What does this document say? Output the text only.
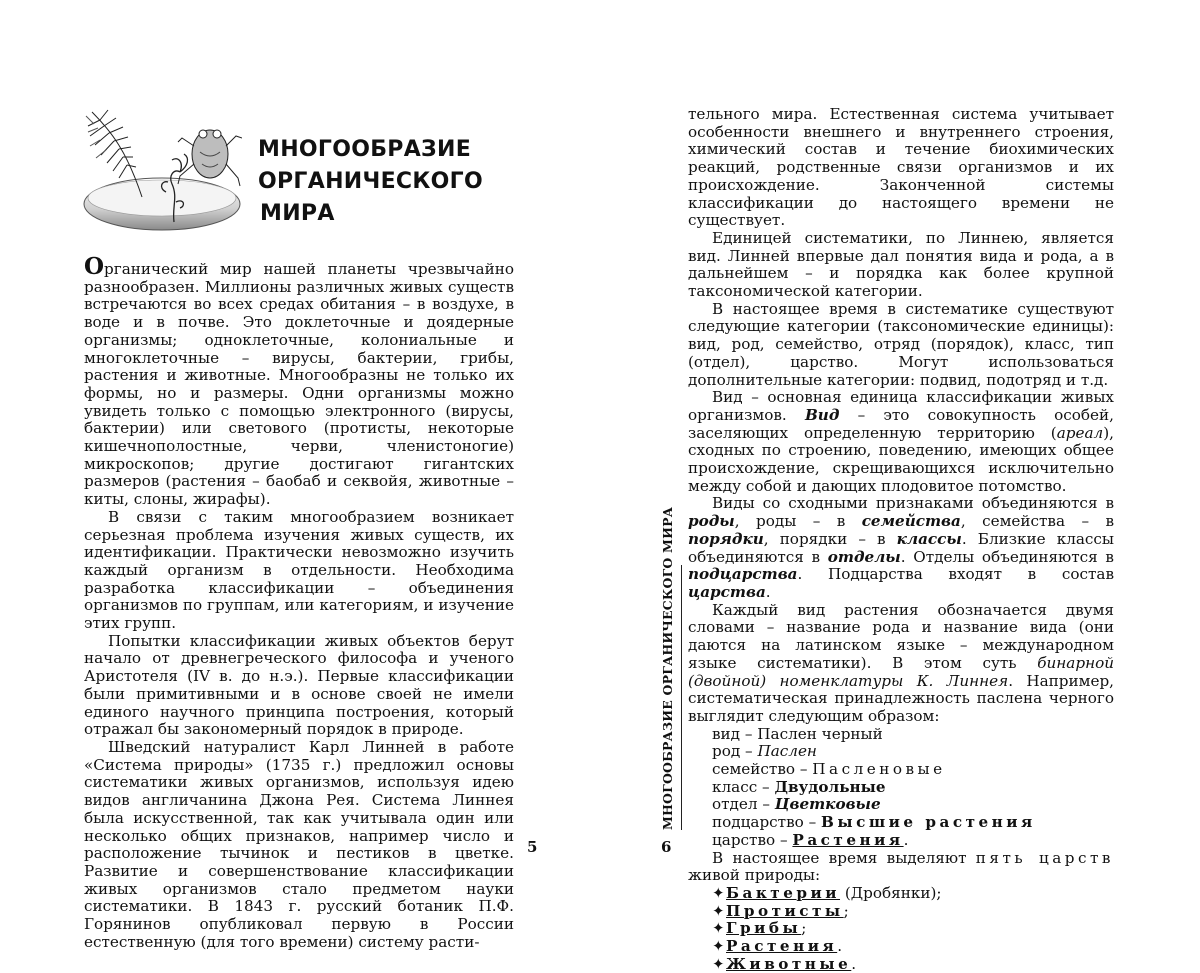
МНОГООБРАЗИЕ
ОРГАНИЧЕСКОГО
МИРА

Органический мир нашей планеты чрезвычайно разнообразен. Миллионы различных живых существ встречаются во всех средах обитания – в воздухе, в воде и в почве. Это доклеточные и доядерные организмы; одноклеточные, колониальные и многоклеточные – вирусы, бактерии, грибы, растения и животные. Многообразны не только их формы, но и размеры. Одни организмы можно увидеть только с помощью электронного (вирусы, бактерии) или светового (протисты, некоторые кишечнополостные, черви, членистоногие) микроскопов; другие достигают гигантских размеров (растения – баобаб и секвойя, животные – киты, слоны, жирафы).

В связи с таким многообразием возникает серьезная проблема изучения живых существ, их идентификации. Практически невозможно изучить каждый организм в отдельности. Необходима разработка классификации – объединения организмов по группам, или категориям, и изучение этих групп.

Попытки классификации живых объектов берут начало от древнегреческого философа и ученого Аристотеля (IV в. до н.э.). Первые классификации были примитивными и в основе своей не имели единого научного принципа построения, который отражал бы закономерный порядок в природе.

Шведский натуралист Карл Линней в работе «Система природы» (1735 г.) предложил основы систематики живых организмов, используя идею видов англичанина Джона Рея. Система Линнея была искусственной, так как учитывала один или несколько общих признаков, например число и расположение тычинок и пестиков в цветке. Развитие и совершенствование классификации живых организмов стало предметом науки систематики. В 1843 г. русский ботаник П.Ф. Горянинов опубликовал первую в России естественную (для того времени) систему расти-

5
МНОГООБРАЗИЕ ОРГАНИЧЕСКОГО МИРА

тельного мира. Естественная система учитывает особенности внешнего и внутреннего строения, химический состав и течение биохимических реакций, родственные связи организмов и их происхождение. Законченной системы классификации до настоящего времени не существует.

Единицей систематики, по Линнею, является вид. Линней впервые дал понятия вида и рода, а в дальнейшем – и порядка как более крупной таксономической категории.

В настоящее время в систематике существуют следующие категории (таксономические единицы): вид, род, семейство, отряд (порядок), класс, тип (отдел), царство. Могут использоваться дополнительные категории: подвид, подотряд и т.д.

Вид – основная единица классификации живых организмов. Вид – это совокупность особей, заселяющих определенную территорию (ареал), сходных по строению, поведению, имеющих общее происхождение, скрещивающихся исключительно между собой и дающих плодовитое потомство.

Виды со сходными признаками объединяются в роды, роды – в семейства, семейства – в порядки, порядки – в классы. Близкие классы объединяются в отделы. Отделы объединяются в подцарства. Подцарства входят в состав царства.

Каждый вид растения обозначается двумя словами – название рода и название вида (они даются на латинском языке – международном языке систематики). В этом суть бинарной (двойной) номенклатуры К. Линнея. Например, систематическая принадлежность паслена черного выглядит следующим образом:

вид – Паслен черный
род – Паслен
семейство – Пасленовые
класс – Двудольные
отдел – Цветковые
подцарство – Высшие растения
царство – Растения.

В настоящее время выделяют пять царств живой природы:

✦Бактерии (Дробянки);
✦Протисты;
✦Грибы;
✦Растения.
✦Животные.
6
